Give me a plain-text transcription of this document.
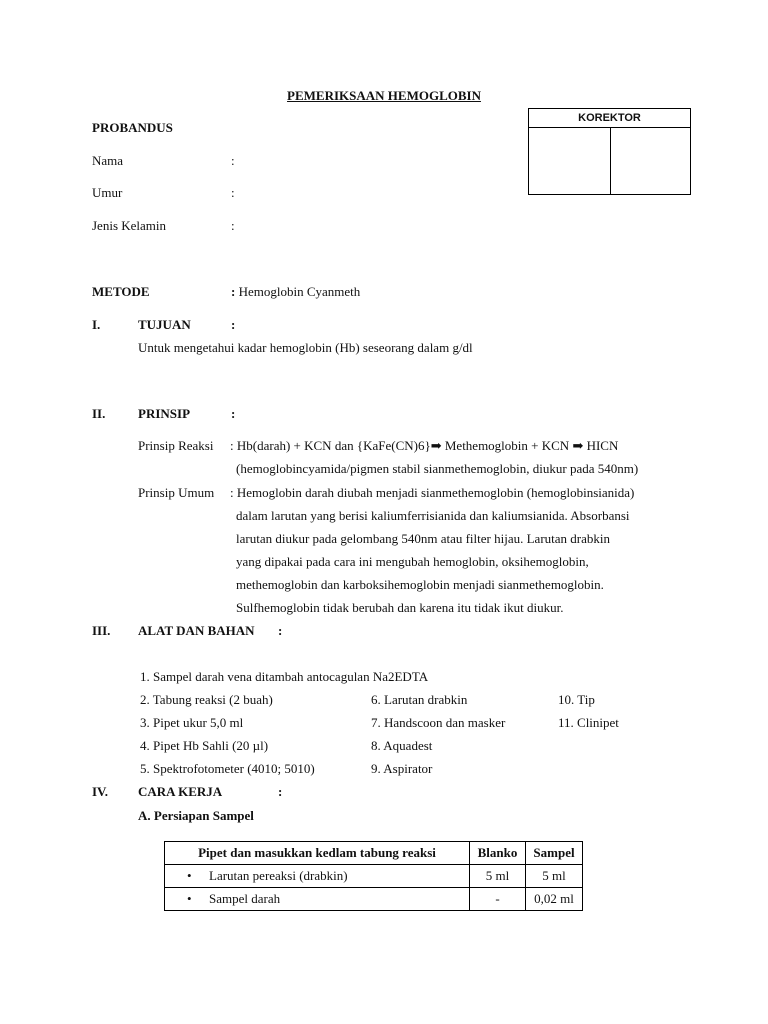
PEMERIKSAAN HEMOGLOBIN
KOREKTOR
PROBANDUS
Nama	:
Umur	:
Jenis Kelamin	:
METODE	: Hemoglobin Cyanmeth
I.	TUJUAN	:
Untuk mengetahui kadar hemoglobin (Hb) seseorang dalam g/dl
II.	PRINSIP	:
Prinsip Reaksi : Hb(darah) + KCN dan {KaFe(CN)6}➡ Methemoglobin + KCN ➡ HICN
(hemoglobincyamida/pigmen stabil sianmethemoglobin, diukur pada 540nm)
Prinsip Umum : Hemoglobin darah diubah menjadi sianmethemoglobin (hemoglobinsianida)
dalam larutan yang berisi kaliumferrisianida dan kaliumsianida. Absorbansi
larutan diukur pada gelombang 540nm atau filter hijau. Larutan drabkin
yang dipakai pada cara ini mengubah hemoglobin, oksihemoglobin,
methemoglobin dan karboksihemoglobin menjadi sianmethemoglobin.
Sulfhemoglobin tidak berubah dan karena itu tidak ikut diukur.
III. ALAT DAN BAHAN :
1. Sampel darah vena ditambah antocagulan Na2EDTA
2. Tabung reaksi (2 buah)
3. Pipet ukur 5,0 ml
4. Pipet Hb Sahli (20 µl)
5. Spektrofotometer (4010; 5010)
6. Larutan drabkin
7. Handscoon dan masker
8. Aquadest
9. Aspirator
10. Tip
11. Clinipet
IV. CARA KERJA	:
A. Persiapan Sampel
Pipet dan masukkan kedlam tabung reaksi	Blanko	Sampel
• Larutan pereaksi (drabkin)	5 ml	5 ml
• Sampel darah	-	0,02 ml
